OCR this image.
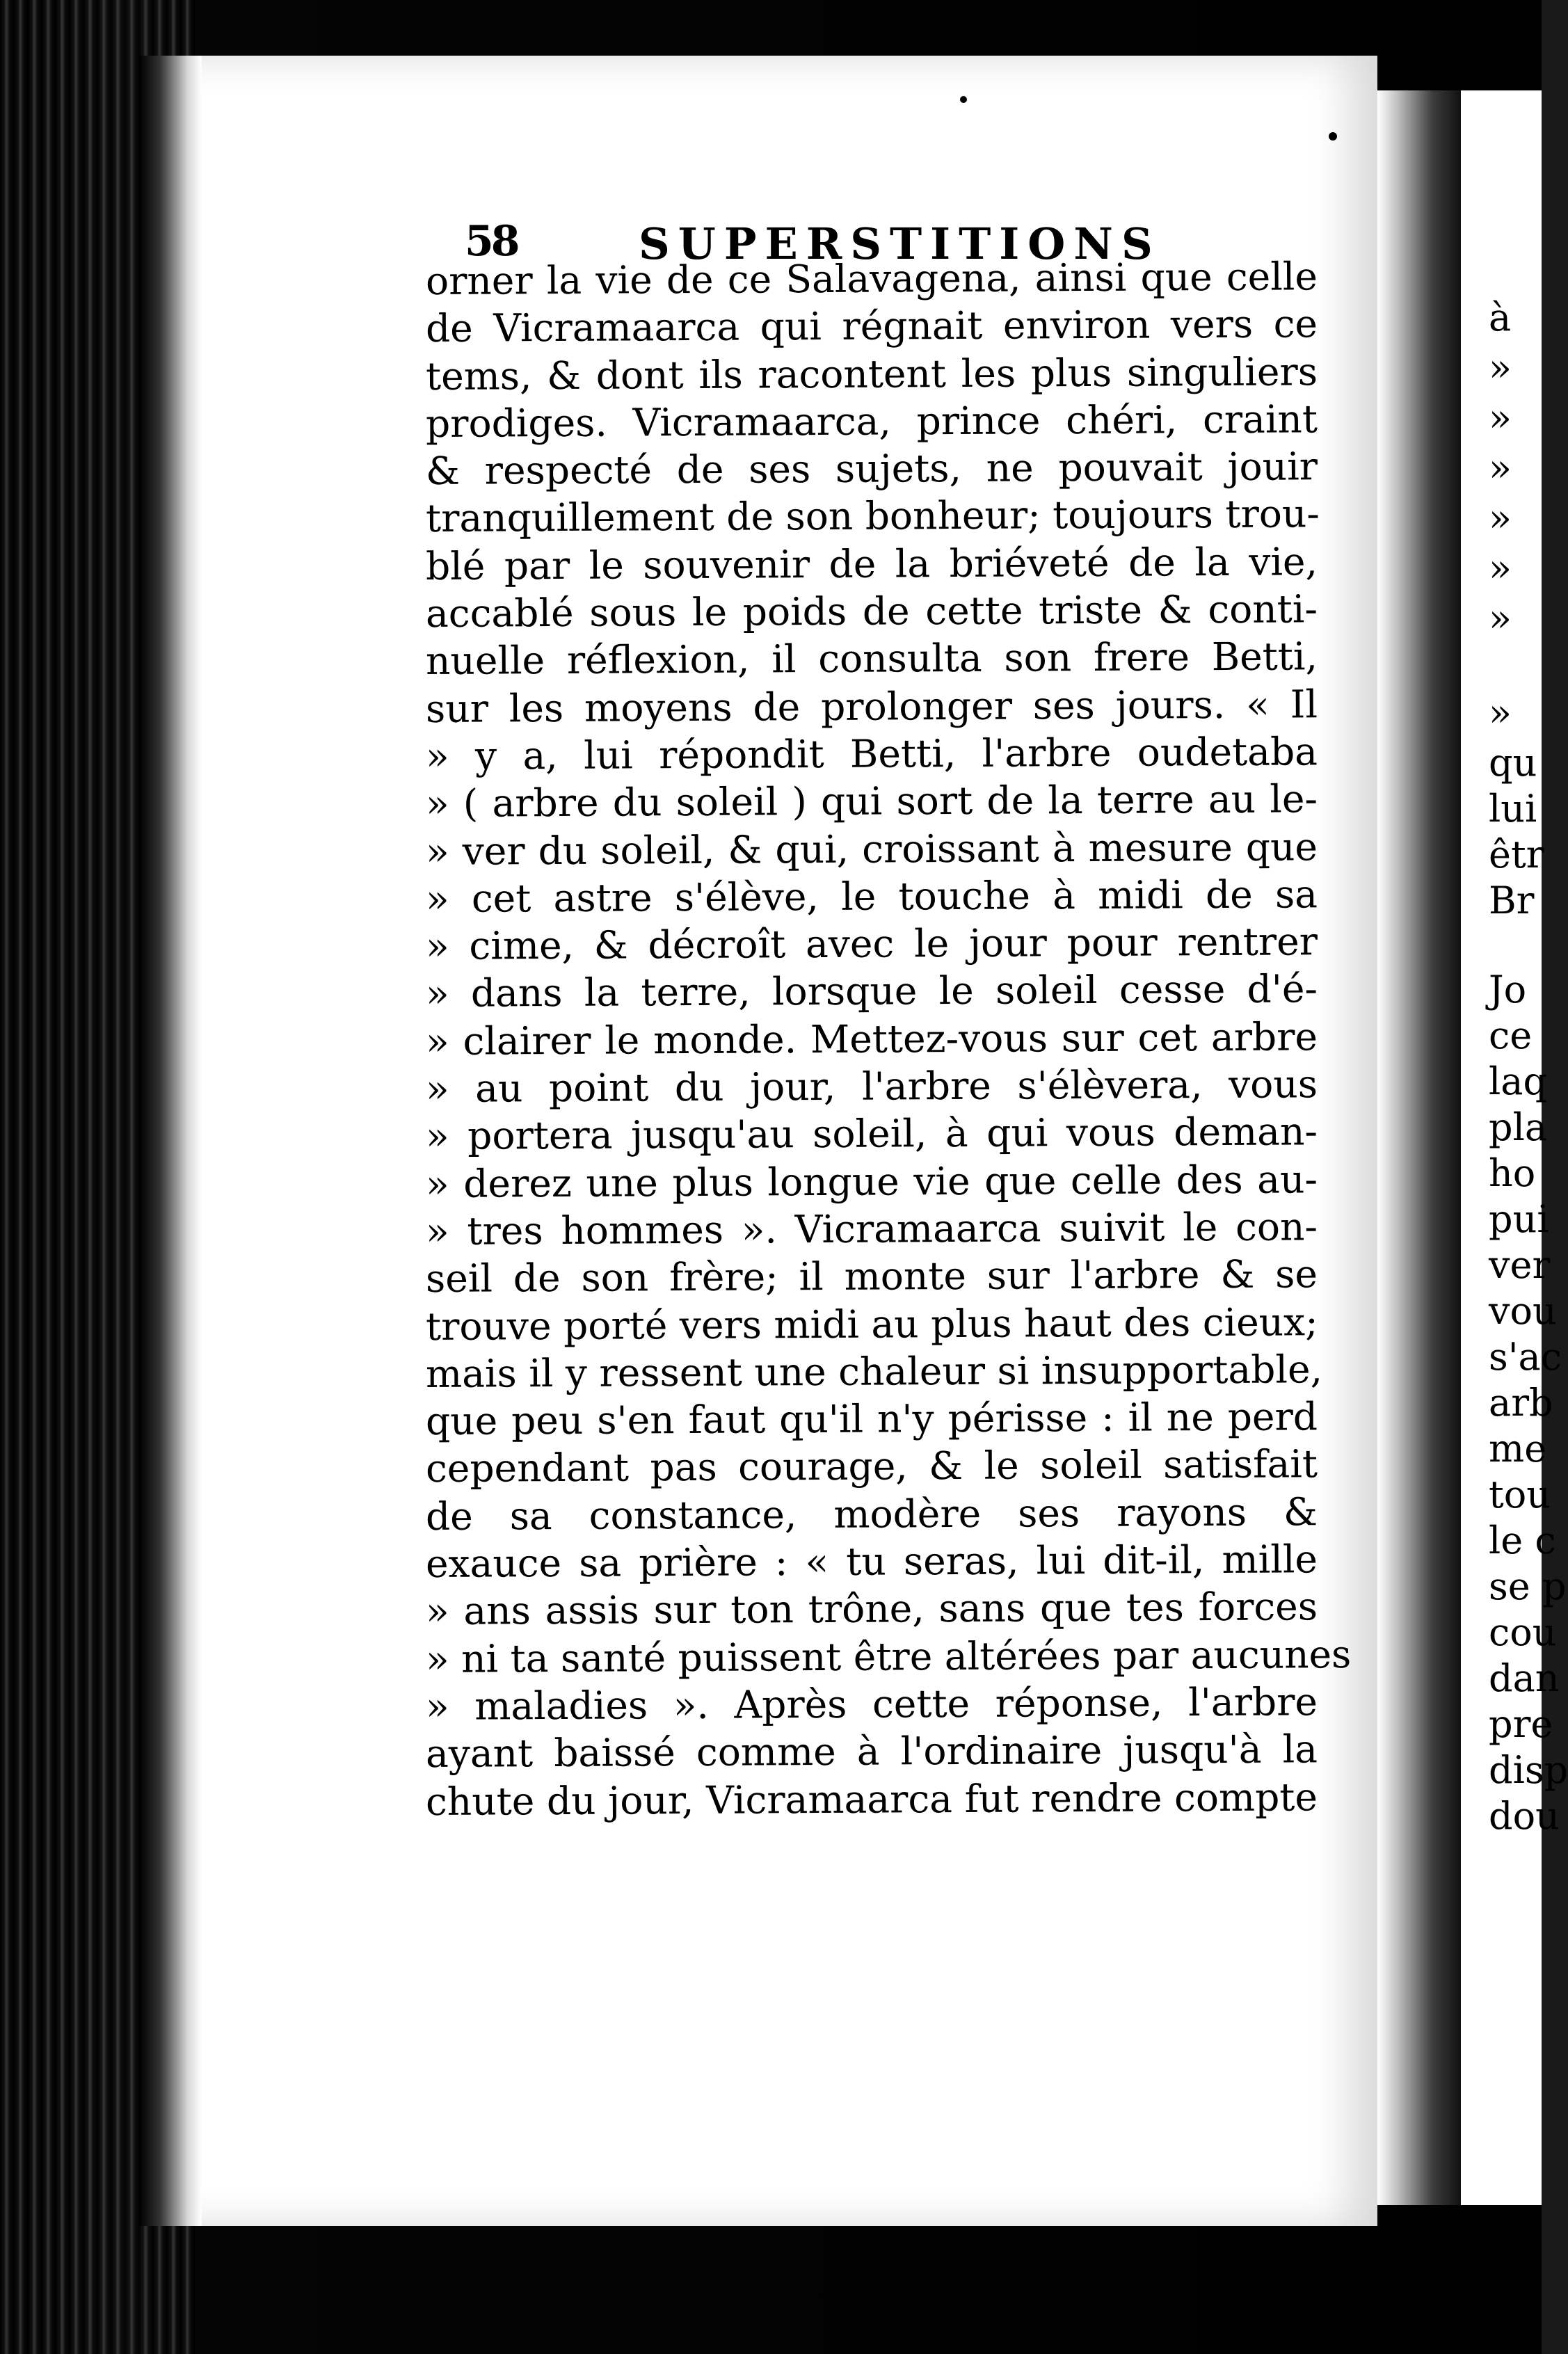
58	SUPERSTITIONS
orner la vie de ce Salavagena, ainsi que celle
de Vicramaarca qui régnait environ vers ce
tems, & dont ils racontent les plus singuliers
prodiges. Vicramaarca, prince chéri, craint
& respecté de ses sujets, ne pouvait jouir
tranquillement de son bonheur; toujours trou-
blé par le souvenir de la briéveté de la vie,
accablé sous le poids de cette triste & conti-
nuelle réflexion, il consulta son frere Betti,
sur les moyens de prolonger ses jours. « Il
» y a, lui répondit Betti, l'arbre oudetaba
» ( arbre du soleil ) qui sort de la terre au le-
» ver du soleil, & qui, croissant à mesure que
» cet astre s'élève, le touche à midi de sa
» cime, & décroît avec le jour pour rentrer
» dans la terre, lorsque le soleil cesse d'é-
» clairer le monde. Mettez-vous sur cet arbre
» au point du jour, l'arbre s'élèvera, vous
» portera jusqu'au soleil, à qui vous deman-
» derez une plus longue vie que celle des au-
» tres hommes ». Vicramaarca suivit le con-
seil de son frère; il monte sur l'arbre & se
trouve porté vers midi au plus haut des cieux;
mais il y ressent une chaleur si insupportable,
que peu s'en faut qu'il n'y périsse : il ne perd
cependant pas courage, & le soleil satisfait
de sa constance, modère ses rayons &
exauce sa prière : « tu seras, lui dit-il, mille
» ans assis sur ton trône, sans que tes forces
» ni ta santé puissent être altérées par aucunes
» maladies ». Après cette réponse, l'arbre
ayant baissé comme à l'ordinaire jusqu'à la
chute du jour, Vicramaarca fut rendre compte
à
»
»
»
»
»
»
»
qu
lui
êtr
Br
Jo
ce
laq
pla
ho
pui
ver
vou
s'ac
arb
me
tou
le c
se p
cou
dan
pre
disp
dou
